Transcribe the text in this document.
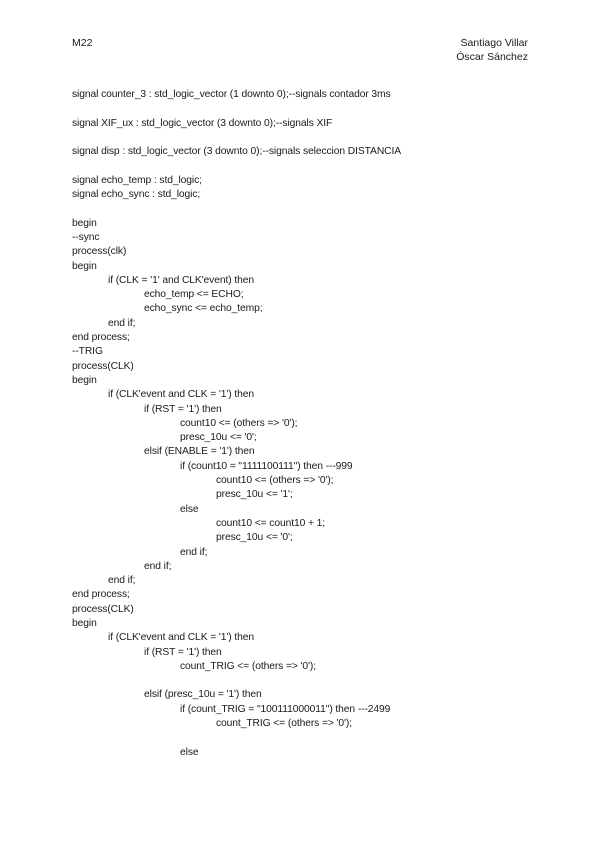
M22	Santiago Villar
Óscar Sánchez
signal counter_3 : std_logic_vector (1 downto 0);--signals contador 3ms
signal XIF_ux : std_logic_vector (3 downto 0);--signals XIF
signal disp : std_logic_vector (3 downto 0);--signals seleccion DISTANCIA
signal echo_temp : std_logic;
signal echo_sync : std_logic;
begin
--sync
process(clk)
begin
		if (CLK = '1' and CLK'event) then
				echo_temp <= ECHO;
				echo_sync <= echo_temp;
		end if;
end process;
--TRIG
process(CLK)
begin
		if (CLK'event and CLK = '1') then
				if (RST = '1') then
						count10 <= (others => '0');
						presc_10u <= '0';
				elsif (ENABLE = '1') then
						if (count10 = "1111100111") then ---999
								count10 <= (others => '0');
								presc_10u <= '1';
						else
								count10 <= count10 + 1;
								presc_10u <= '0';
						end if;
				end if;
		end if;
end process;
process(CLK)
begin
		if (CLK'event and CLK = '1') then
				if (RST = '1') then
						count_TRIG <= (others => '0');
				elsif (presc_10u = '1') then
						if (count_TRIG = "100111000011") then ---2499
								count_TRIG <= (others => '0');
						else
